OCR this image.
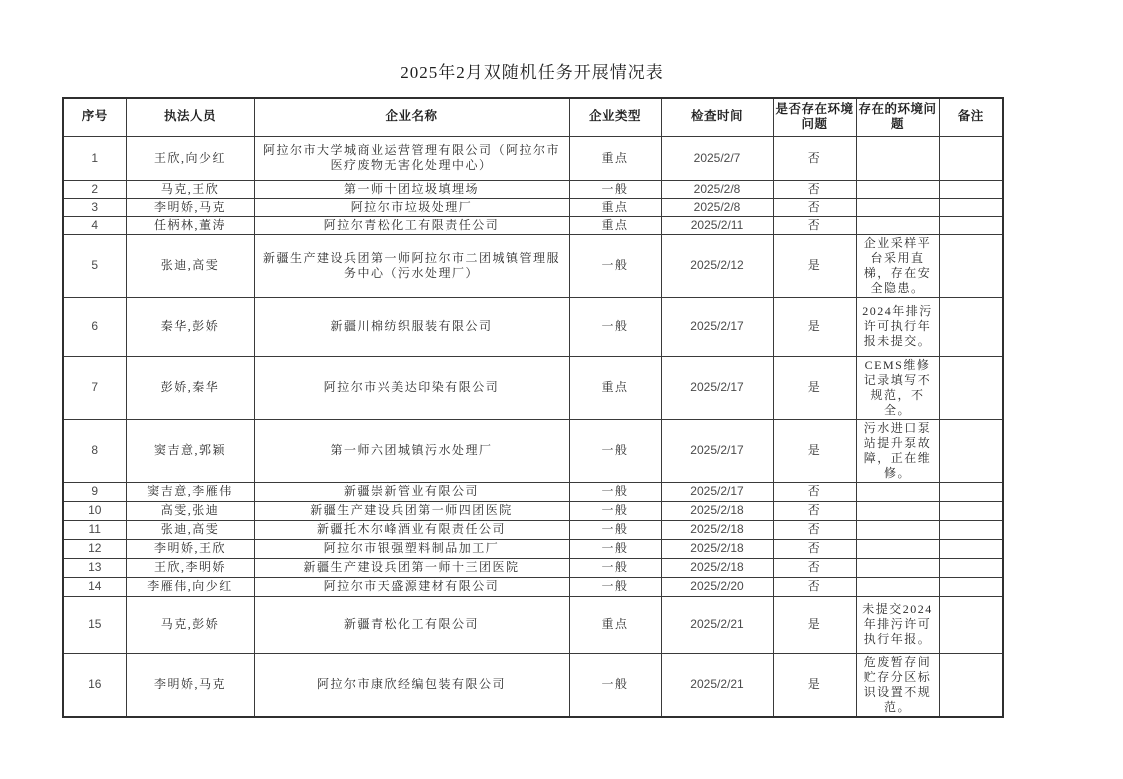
2025年2月双随机任务开展情况表
序号	执法人员	企业名称	企业类型	检查时间	是否存在环境问题	存在的环境问题	备注
1	王欣,向少红	阿拉尔市大学城商业运营管理有限公司（阿拉尔市医疗废物无害化处理中心）	重点	2025/2/7	否		
2	马克,王欣	第一师十团垃圾填埋场	一般	2025/2/8	否		
3	李明娇,马克	阿拉尔市垃圾处理厂	重点	2025/2/8	否		
4	任柄林,董涛	阿拉尔青松化工有限责任公司	重点	2025/2/11	否		
5	张迪,高雯	新疆生产建设兵团第一师阿拉尔市二团城镇管理服务中心（污水处理厂）	一般	2025/2/12	是	企业采样平台采用直梯，存在安全隐患。	
6	秦华,彭娇	新疆川棉纺织服装有限公司	一般	2025/2/17	是	2024年排污许可执行年报未提交。	
7	彭娇,秦华	阿拉尔市兴美达印染有限公司	重点	2025/2/17	是	CEMS维修记录填写不规范，不全。	
8	窦吉意,郭颖	第一师六团城镇污水处理厂	一般	2025/2/17	是	污水进口泵站提升泵故障，正在维修。	
9	窦吉意,李雁伟	新疆崇新管业有限公司	一般	2025/2/17	否		
10	高雯,张迪	新疆生产建设兵团第一师四团医院	一般	2025/2/18	否		
11	张迪,高雯	新疆托木尔峰酒业有限责任公司	一般	2025/2/18	否		
12	李明娇,王欣	阿拉尔市银强塑料制品加工厂	一般	2025/2/18	否		
13	王欣,李明娇	新疆生产建设兵团第一师十三团医院	一般	2025/2/18	否		
14	李雁伟,向少红	阿拉尔市天盛源建材有限公司	一般	2025/2/20	否		
15	马克,彭娇	新疆青松化工有限公司	重点	2025/2/21	是	未提交2024年排污许可执行年报。	
16	李明娇,马克	阿拉尔市康欣经编包装有限公司	一般	2025/2/21	是	危废暂存间贮存分区标识设置不规范。	
